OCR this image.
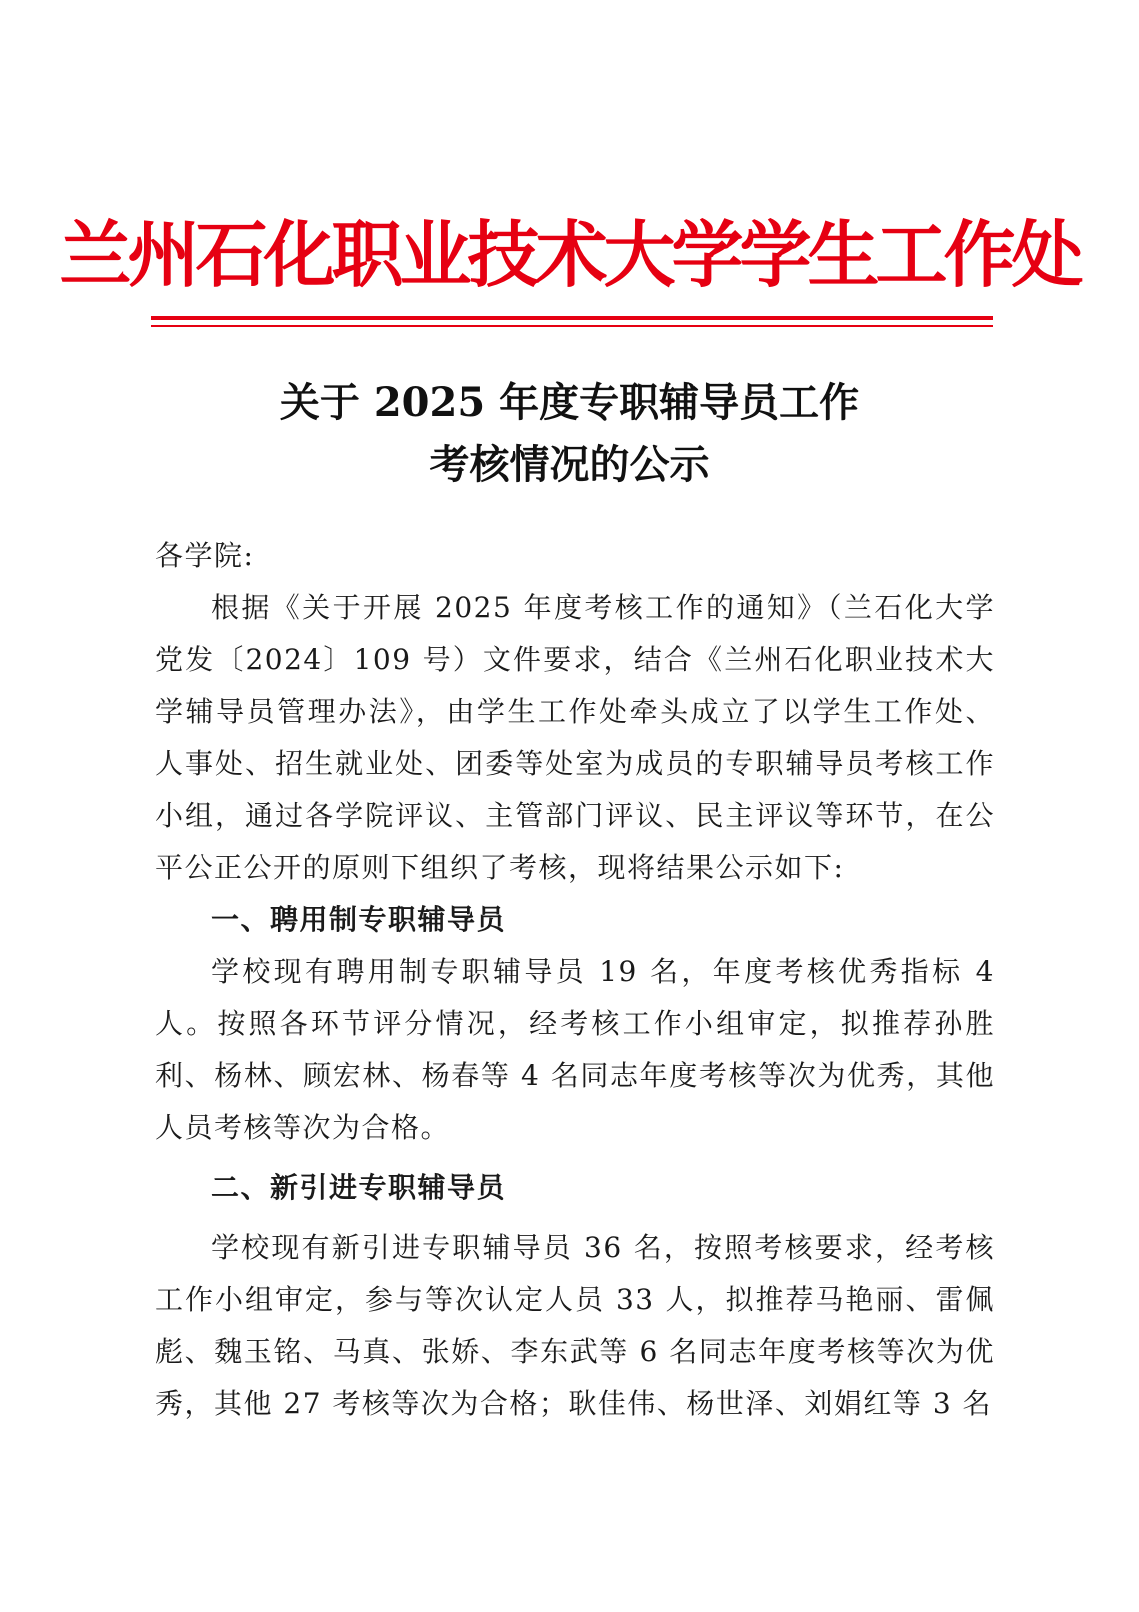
兰州石化职业技术大学学生工作处
关于 2025 年度专职辅导员工作
考核情况的公示

各学院:

根据《关于开展 2025 年度考核工作的通知》（兰石化大学党发〔2024〕109 号）文件要求，结合《兰州石化职业技术大学辅导员管理办法》，由学生工作处牵头成立了以学生工作处、人事处、招生就业处、团委等处室为成员的专职辅导员考核工作小组，通过各学院评议、主管部门评议、民主评议等环节，在公平公正公开的原则下组织了考核，现将结果公示如下:

一、聘用制专职辅导员

学校现有聘用制专职辅导员 19 名，年度考核优秀指标 4 人。按照各环节评分情况，经考核工作小组审定，拟推荐孙胜利、杨林、顾宏林、杨春等 4 名同志年度考核等次为优秀，其他人员考核等次为合格。

二、新引进专职辅导员

学校现有新引进专职辅导员 36 名，按照考核要求，经考核工作小组审定，参与等次认定人员 33 人，拟推荐马艳丽、雷佩彪、魏玉铭、马真、张娇、李东武等 6 名同志年度考核等次为优秀，其他 27 考核等次为合格；耿佳伟、杨世泽、刘娟红等 3 名
